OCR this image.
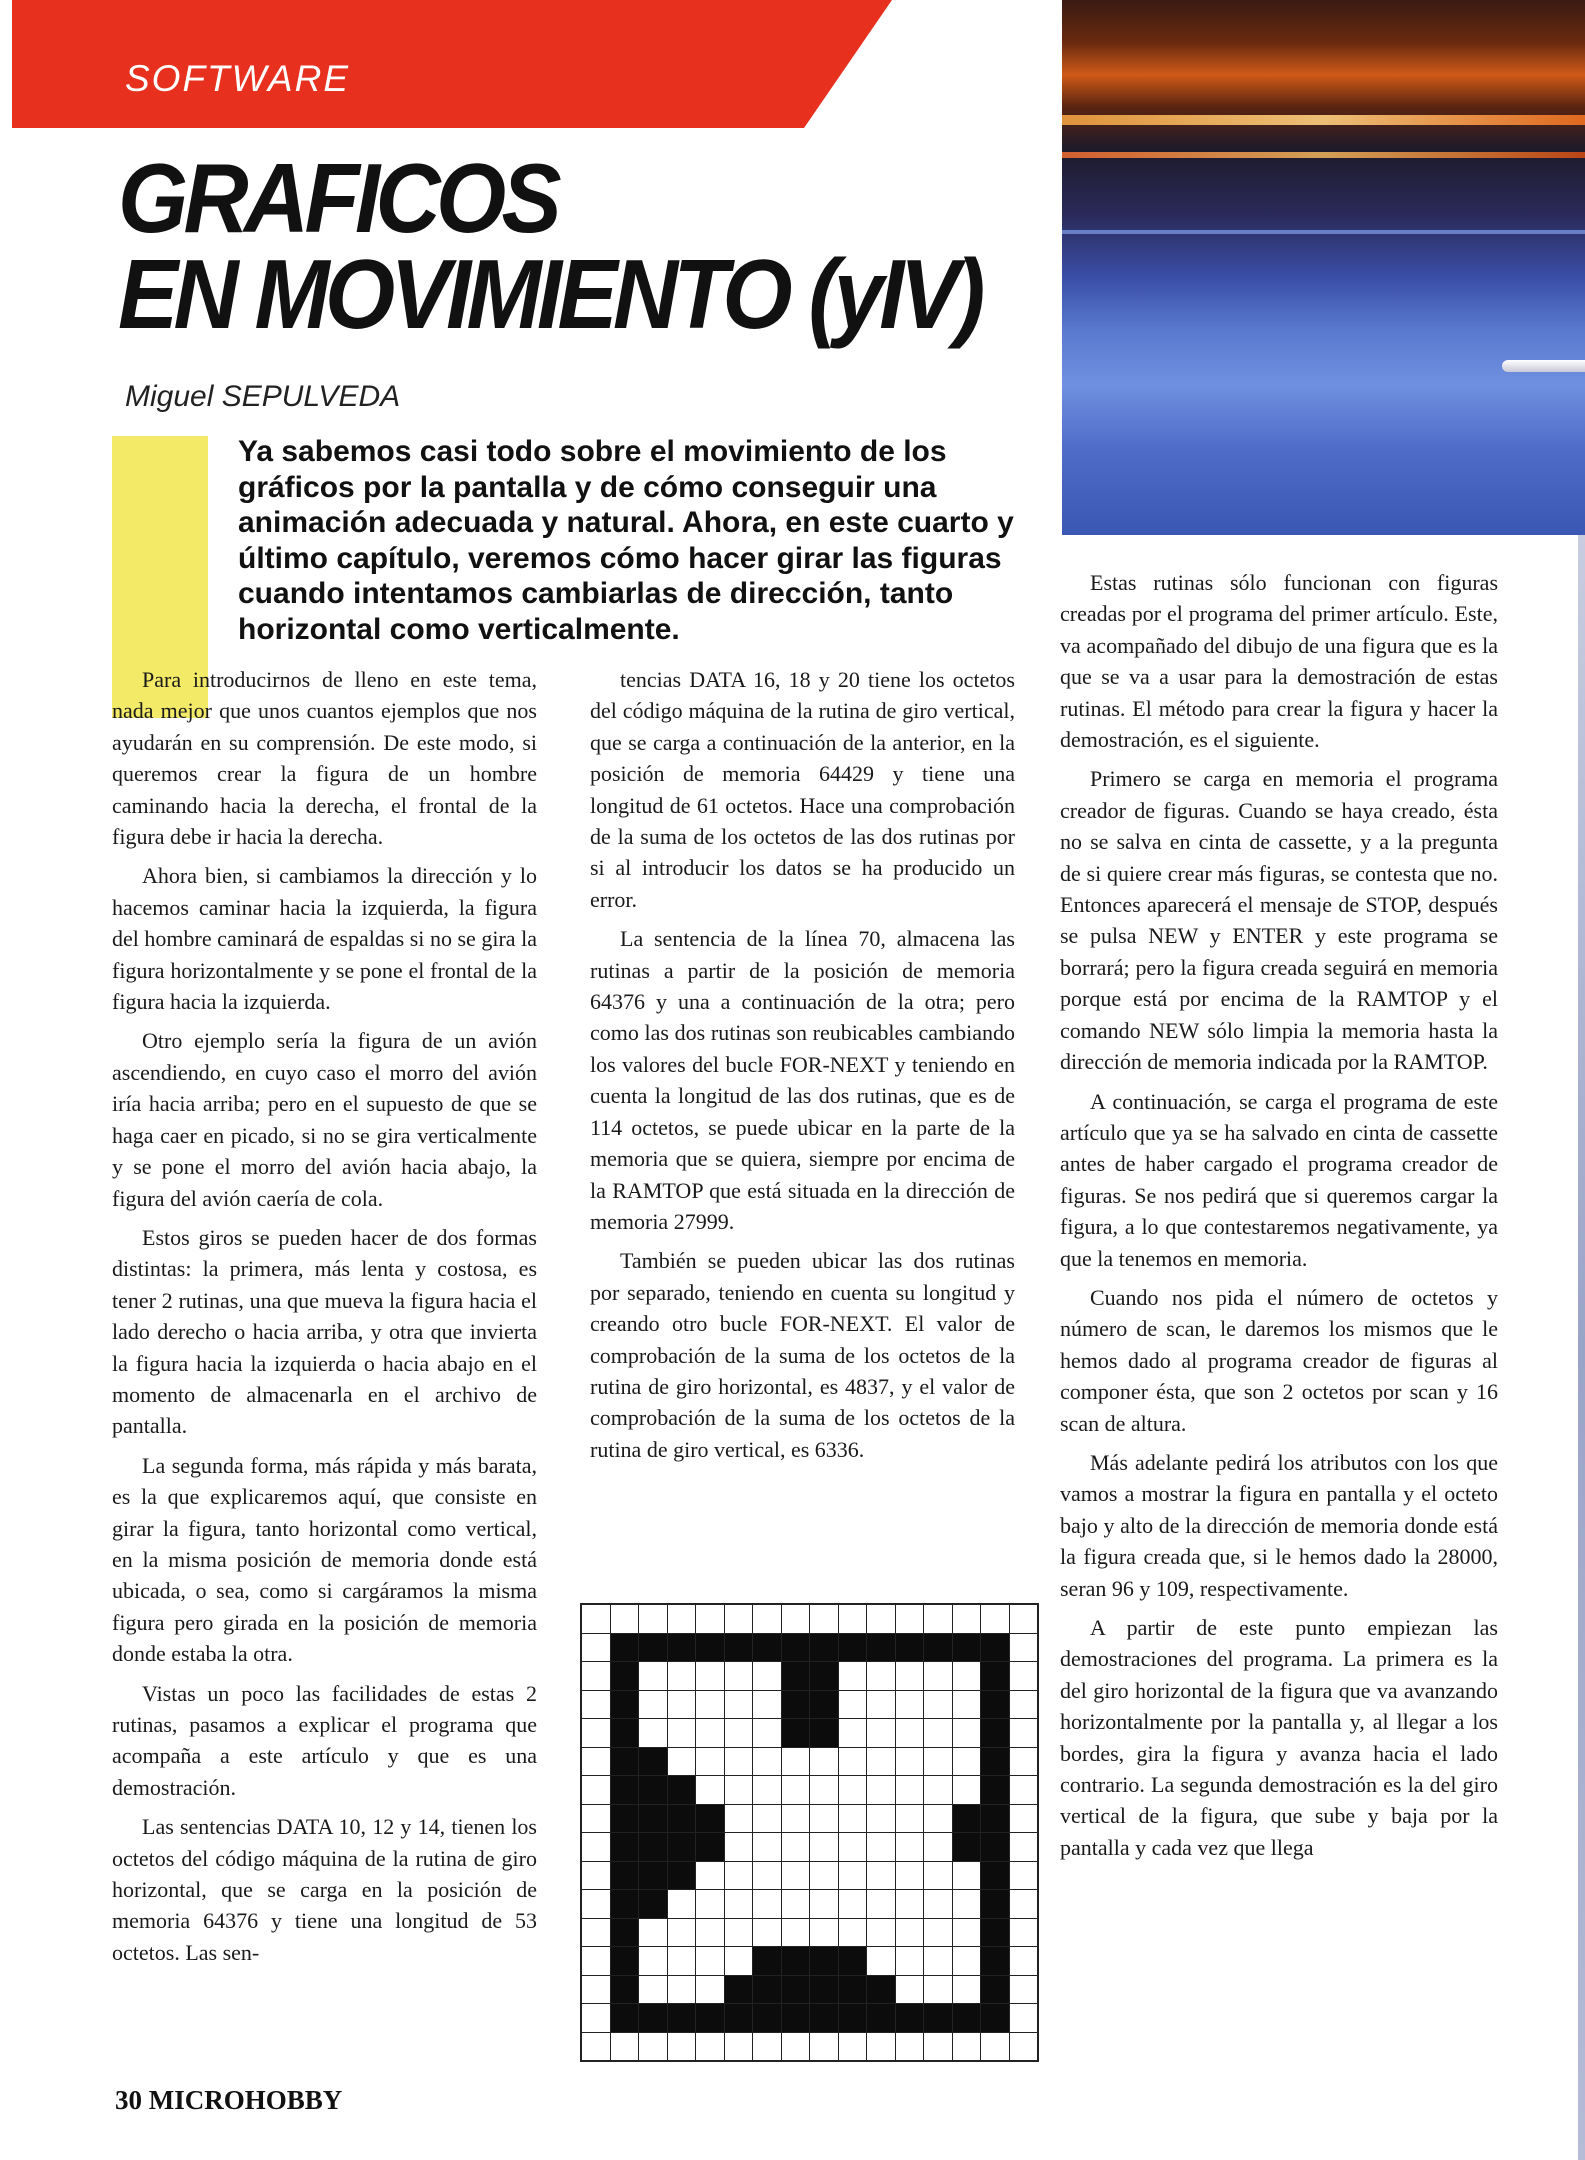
SOFTWARE
GRAFICOS
EN MOVIMIENTO (yIV)
Miguel SEPULVEDA

Ya sabemos casi todo sobre el movimiento de los gráficos por la pantalla y de cómo conseguir una animación adecuada y natural. Ahora, en este cuarto y último capítulo, veremos cómo hacer girar las figuras cuando intentamos cambiarlas de dirección, tanto horizontal como verticalmente.

Para introducirnos de lleno en este tema, nada mejor que unos cuantos ejemplos que nos ayudarán en su comprensión. De este modo, si queremos crear la figura de un hombre caminando hacia la derecha, el frontal de la figura debe ir hacia la derecha.

Ahora bien, si cambiamos la dirección y lo hacemos caminar hacia la izquierda, la figura del hombre caminará de espaldas si no se gira la figura horizontalmente y se pone el frontal de la figura hacia la izquierda.

Otro ejemplo sería la figura de un avión ascendiendo, en cuyo caso el morro del avión iría hacia arriba; pero en el supuesto de que se haga caer en picado, si no se gira verticalmente y se pone el morro del avión hacia abajo, la figura del avión caería de cola.

Estos giros se pueden hacer de dos formas distintas: la primera, más lenta y costosa, es tener 2 rutinas, una que mueva la figura hacia el lado derecho o hacia arriba, y otra que invierta la figura hacia la izquierda o hacia abajo en el momento de almacenarla en el archivo de pantalla.

La segunda forma, más rápida y más barata, es la que explicaremos aquí, que consiste en girar la figura, tanto horizontal como vertical, en la misma posición de memoria donde está ubicada, o sea, como si cargáramos la misma figura pero girada en la posición de memoria donde estaba la otra.

Vistas un poco las facilidades de estas 2 rutinas, pasamos a explicar el programa que acompaña a este artículo y que es una demostración.

Las sentencias DATA 10, 12 y 14, tienen los octetos del código máquina de la rutina de giro horizontal, que se carga en la posición de memoria 64376 y tiene una longitud de 53 octetos. Las sen-

tencias DATA 16, 18 y 20 tiene los octetos del código máquina de la rutina de giro vertical, que se carga a continuación de la anterior, en la posición de memoria 64429 y tiene una longitud de 61 octetos. Hace una comprobación de la suma de los octetos de las dos rutinas por si al introducir los datos se ha producido un error.

La sentencia de la línea 70, almacena las rutinas a partir de la posición de memoria 64376 y una a continuación de la otra; pero como las dos rutinas son reubicables cambiando los valores del bucle FOR-NEXT y teniendo en cuenta la longitud de las dos rutinas, que es de 114 octetos, se puede ubicar en la parte de la memoria que se quiera, siempre por encima de la RAMTOP que está situada en la dirección de memoria 27999.

También se pueden ubicar las dos rutinas por separado, teniendo en cuenta su longitud y creando otro bucle FOR-NEXT. El valor de comprobación de la suma de los octetos de la rutina de giro horizontal, es 4837, y el valor de comprobación de la suma de los octetos de la rutina de giro vertical, es 6336.

Estas rutinas sólo funcionan con figuras creadas por el programa del primer artículo. Este, va acompañado del dibujo de una figura que es la que se va a usar para la demostración de estas rutinas. El método para crear la figura y hacer la demostración, es el siguiente.

Primero se carga en memoria el programa creador de figuras. Cuando se haya creado, ésta no se salva en cinta de cassette, y a la pregunta de si quiere crear más figuras, se contesta que no. Entonces aparecerá el mensaje de STOP, después se pulsa NEW y ENTER y este programa se borrará; pero la figura creada seguirá en memoria porque está por encima de la RAMTOP y el comando NEW sólo limpia la memoria hasta la dirección de memoria indicada por la RAMTOP.

A continuación, se carga el programa de este artículo que ya se ha salvado en cinta de cassette antes de haber cargado el programa creador de figuras. Se nos pedirá que si queremos cargar la figura, a lo que contestaremos negativamente, ya que la tenemos en memoria.

Cuando nos pida el número de octetos y número de scan, le daremos los mismos que le hemos dado al programa creador de figuras al componer ésta, que son 2 octetos por scan y 16 scan de altura.

Más adelante pedirá los atributos con los que vamos a mostrar la figura en pantalla y el octeto bajo y alto de la dirección de memoria donde está la figura creada que, si le hemos dado la 28000, seran 96 y 109, respectivamente.

A partir de este punto empiezan las demostraciones del programa. La primera es la del giro horizontal de la figura que va avanzando horizontalmente por la pantalla y, al llegar a los bordes, gira la figura y avanza hacia el lado contrario. La segunda demostración es la del giro vertical de la figura, que sube y baja por la pantalla y cada vez que llega

30 MICROHOBBY
